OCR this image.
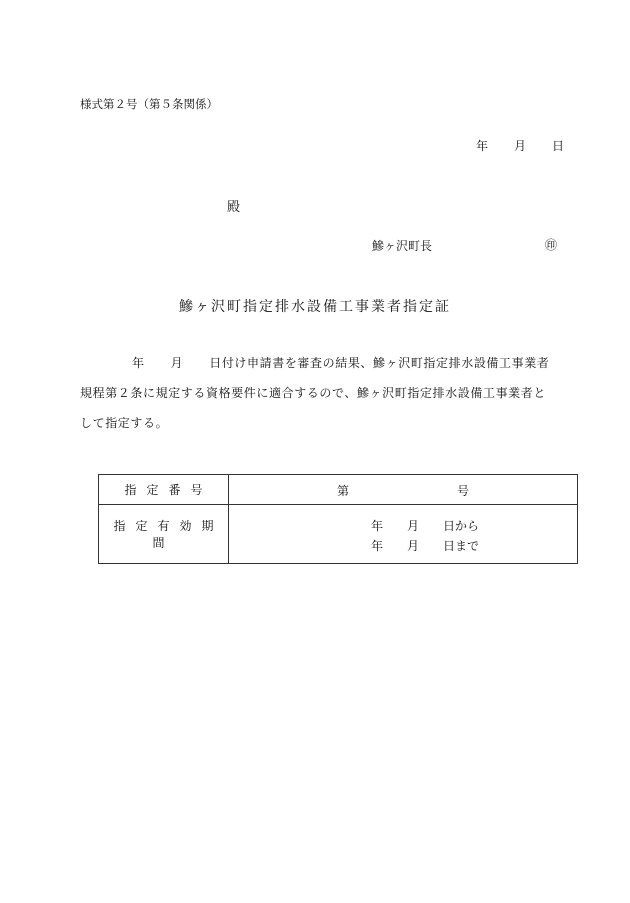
様式第２号（第５条関係）
年 月 日
殿
鰺ヶ沢町長	㊞
鰺ヶ沢町指定排水設備工事業者指定証
年 月 日付け申請書を審査の結果、鰺ヶ沢町指定排水設備工事業者
規程第２条に規定する資格要件に適合するので、鰺ヶ沢町指定排水設備工事業者と
して指定する。
指定番号	第 号

指定有効期間	年 月 日から
年 月 日まで
